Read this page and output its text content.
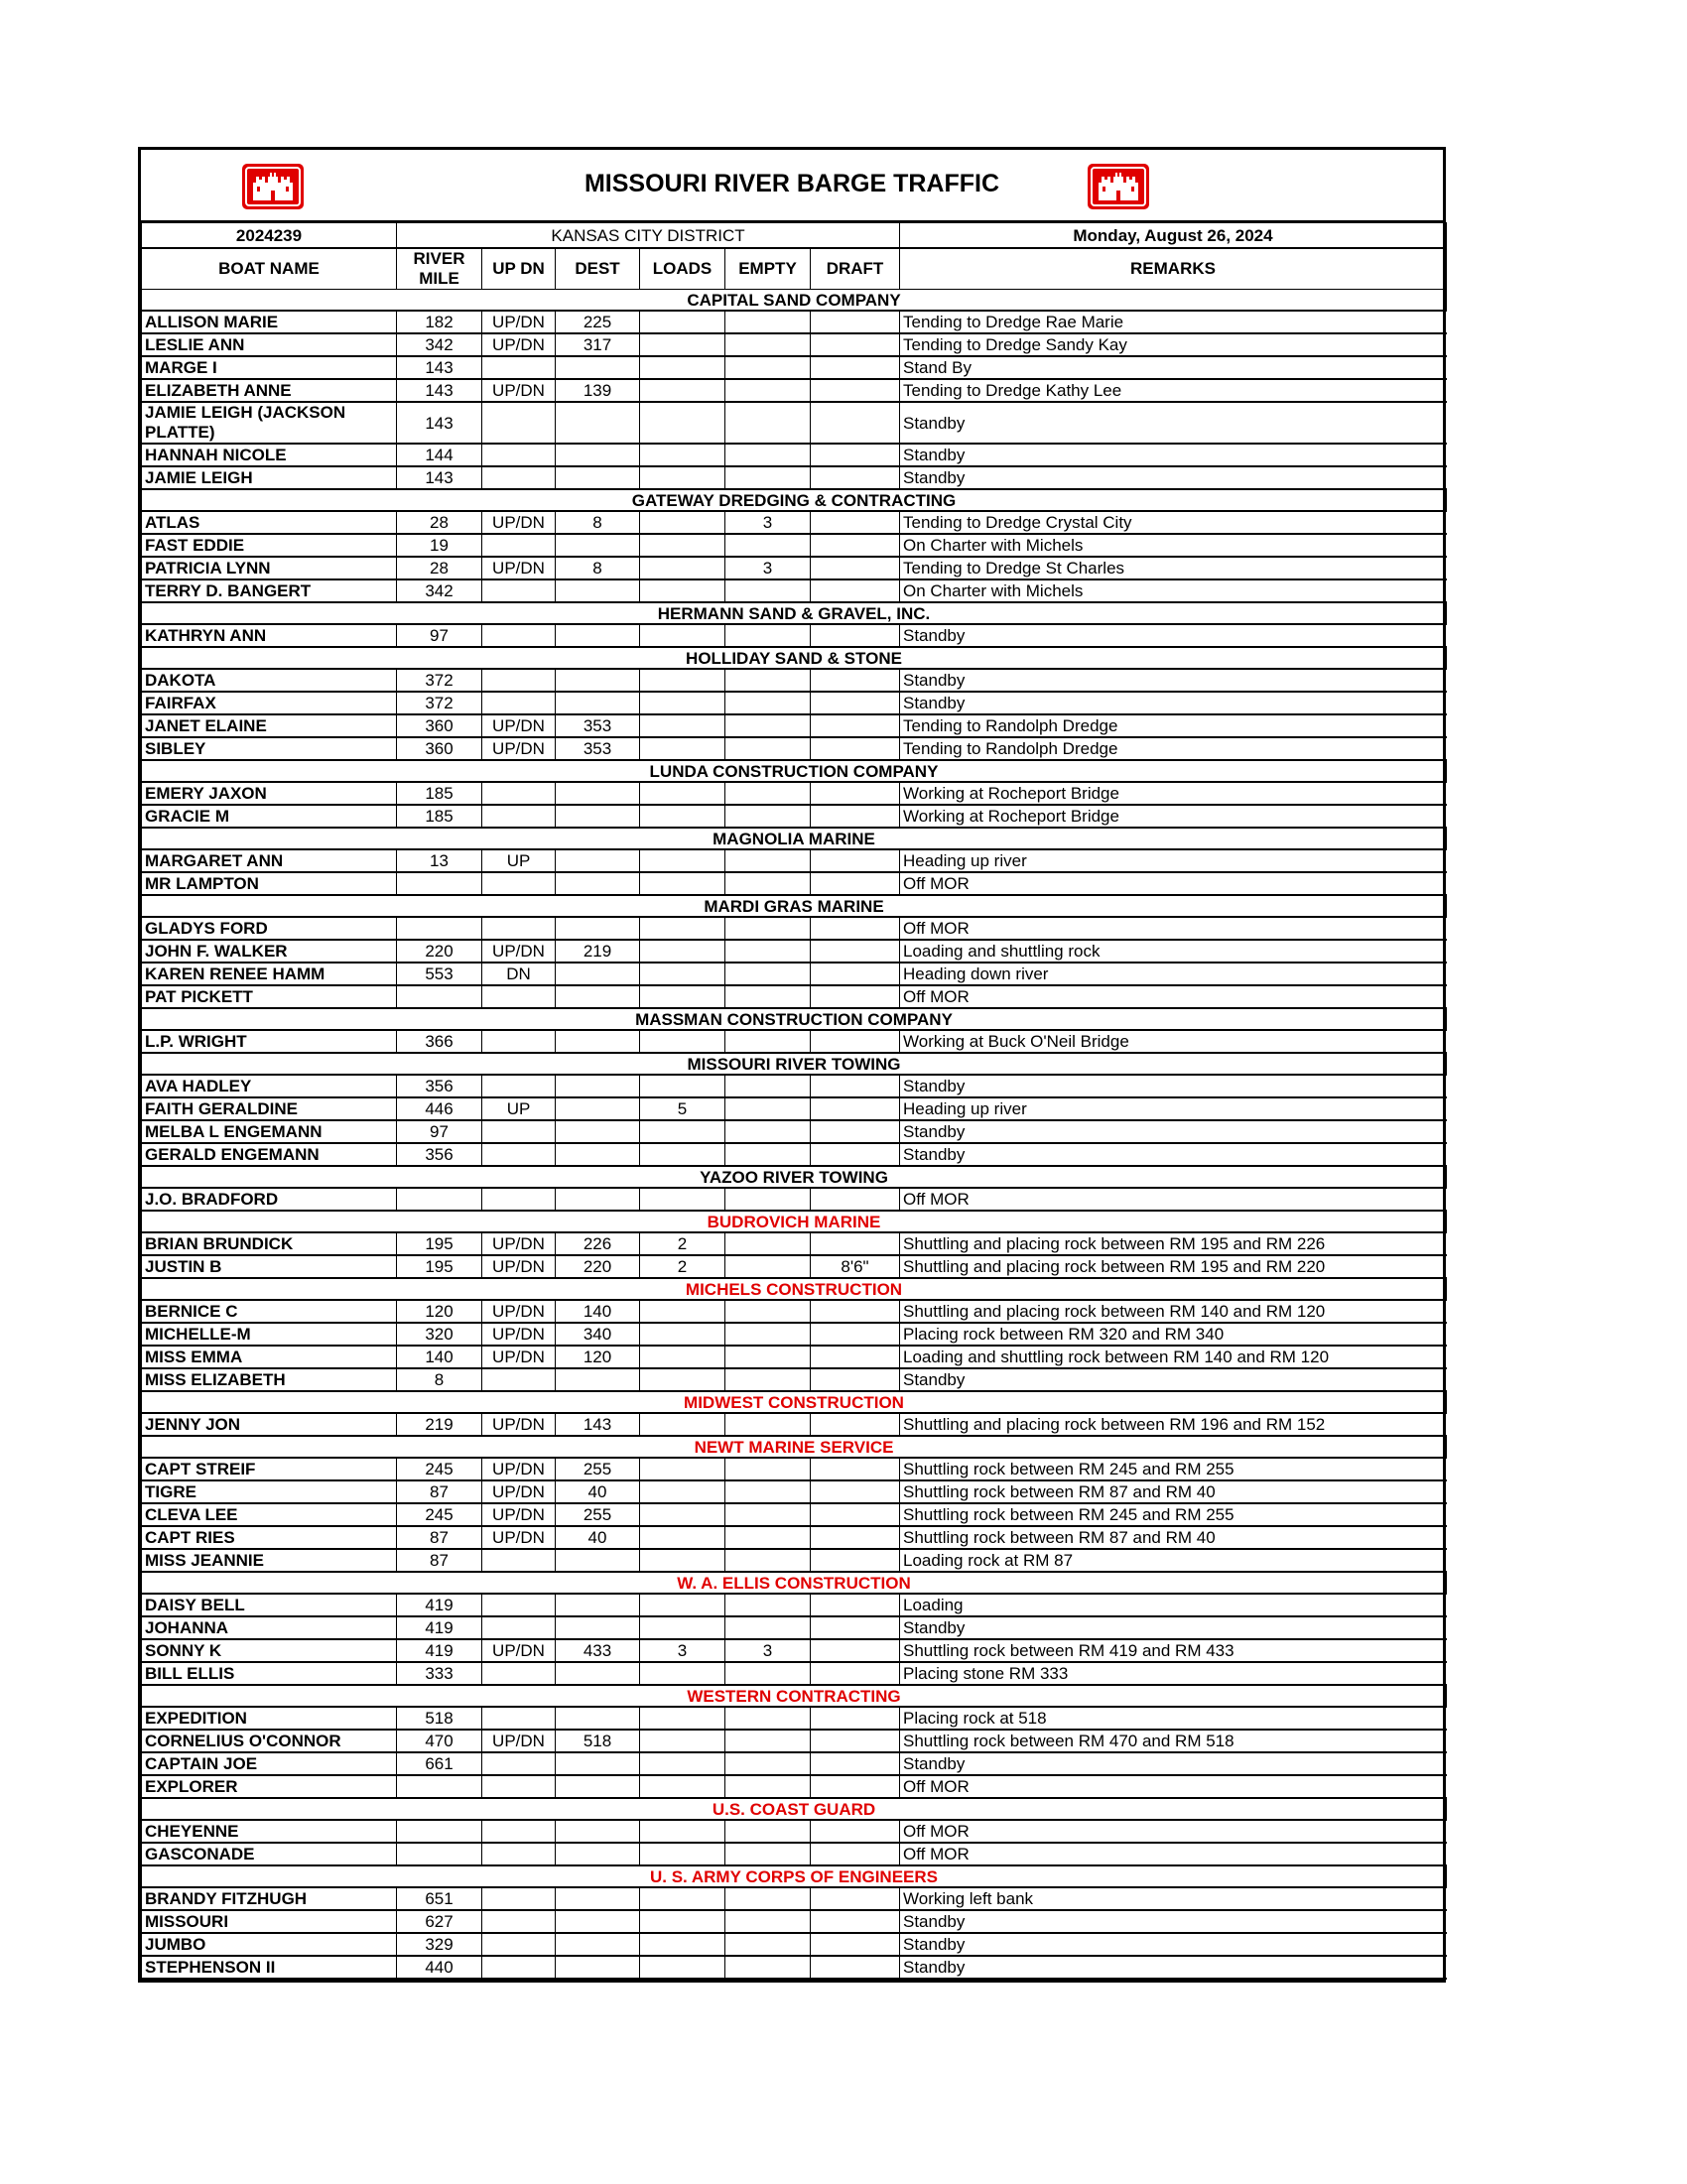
MISSOURI RIVER BARGE TRAFFIC
2024239	KANSAS CITY DISTRICT						Monday, August 26, 2024
BOAT NAME	RIVER MILE	UP DN	DEST	LOADS	EMPTY	DRAFT	REMARKS
CAPITAL SAND COMPANY							
ALLISON MARIE	182	UP/DN	225				Tending to Dredge Rae Marie
LESLIE ANN	342	UP/DN	317				Tending to Dredge Sandy Kay
MARGE I	143						Stand By
ELIZABETH ANNE	143	UP/DN	139				Tending to Dredge Kathy Lee
JAMIE LEIGH (JACKSON PLATTE)	143						Standby
HANNAH NICOLE	144						Standby
JAMIE LEIGH	143						Standby
GATEWAY DREDGING & CONTRACTING							
ATLAS	28	UP/DN	8		3		Tending to Dredge Crystal City
FAST EDDIE	19						On Charter with Michels
PATRICIA LYNN	28	UP/DN	8		3		Tending to Dredge St Charles
TERRY D. BANGERT	342						On Charter with Michels
HERMANN SAND & GRAVEL, INC.							
KATHRYN ANN	97						Standby
HOLLIDAY SAND & STONE							
DAKOTA	372						Standby
FAIRFAX	372						Standby
JANET ELAINE	360	UP/DN	353				Tending to Randolph Dredge
SIBLEY	360	UP/DN	353				Tending to Randolph Dredge
LUNDA CONSTRUCTION COMPANY							
EMERY JAXON	185						Working at Rocheport Bridge
GRACIE M	185						Working at Rocheport Bridge
MAGNOLIA MARINE							
MARGARET ANN	13	UP					Heading up river
MR LAMPTON							Off MOR
MARDI GRAS MARINE							
GLADYS FORD							Off MOR
JOHN F. WALKER	220	UP/DN	219				Loading and shuttling rock
KAREN RENEE HAMM	553	DN					Heading down river
PAT PICKETT							Off MOR
MASSMAN CONSTRUCTION COMPANY							
L.P. WRIGHT	366						Working at Buck O'Neil Bridge
MISSOURI RIVER TOWING							
AVA HADLEY	356						Standby
FAITH GERALDINE	446	UP		5			Heading up river
MELBA L ENGEMANN	97						Standby
GERALD ENGEMANN	356						Standby
YAZOO RIVER TOWING							
J.O. BRADFORD							Off MOR
BUDROVICH MARINE							
BRIAN BRUNDICK	195	UP/DN	226	2			Shuttling and placing rock between RM 195 and RM 226
JUSTIN B	195	UP/DN	220	2		8'6"	Shuttling and placing rock between RM 195 and RM 220
MICHELS CONSTRUCTION							
BERNICE C	120	UP/DN	140				Shuttling and placing rock between RM 140 and RM 120
MICHELLE-M	320	UP/DN	340				Placing rock between RM 320 and RM 340
MISS EMMA	140	UP/DN	120				Loading and shuttling rock between RM 140 and RM 120
MISS ELIZABETH	8						Standby
MIDWEST CONSTRUCTION							
JENNY JON	219	UP/DN	143				Shuttling and placing rock between RM 196 and RM 152
NEWT MARINE SERVICE							
CAPT STREIF	245	UP/DN	255				Shuttling rock between RM 245 and RM 255
TIGRE	87	UP/DN	40				Shuttling rock between RM 87 and RM 40
CLEVA LEE	245	UP/DN	255				Shuttling rock between RM 245 and RM 255
CAPT RIES	87	UP/DN	40				Shuttling rock between RM 87 and RM 40
MISS JEANNIE	87						Loading rock at RM 87
W. A. ELLIS CONSTRUCTION							
DAISY BELL	419						Loading
JOHANNA	419						Standby
SONNY K	419	UP/DN	433	3	3		Shuttling rock between RM 419 and RM 433
BILL ELLIS	333						Placing stone RM 333
WESTERN CONTRACTING							
EXPEDITION	518						Placing rock at 518
CORNELIUS O'CONNOR	470	UP/DN	518				Shuttling rock between RM 470 and RM 518
CAPTAIN JOE	661						Standby
EXPLORER							Off MOR
U.S. COAST GUARD							
CHEYENNE							Off MOR
GASCONADE							Off MOR
U. S. ARMY CORPS OF ENGINEERS							
BRANDY FITZHUGH	651						Working left bank
MISSOURI	627						Standby
JUMBO	329						Standby
STEPHENSON II	440						Standby
